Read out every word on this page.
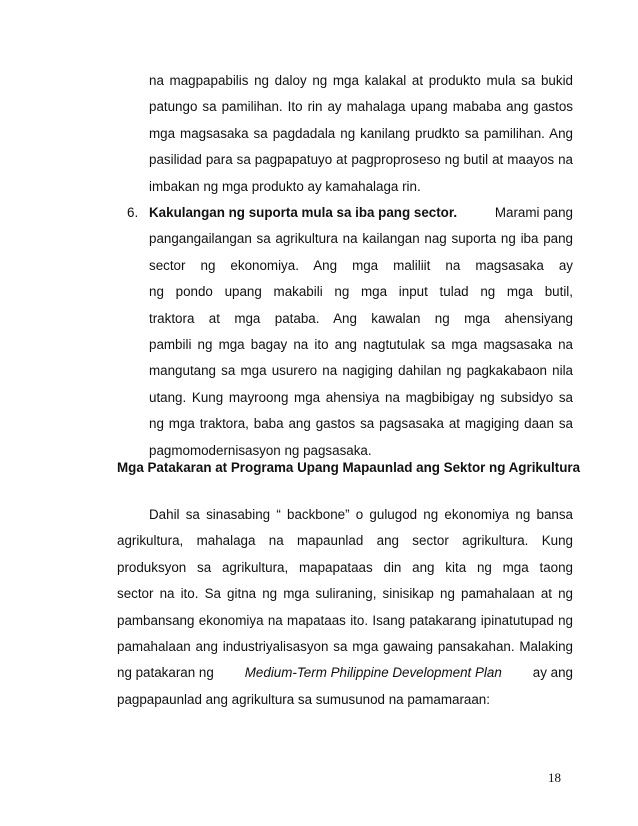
na magpapabilis ng daloy ng mga kalakal at produkto mula sa bukid
patungo sa pamilihan. Ito rin ay mahalaga upang mababa ang gastos
mga magsasaka sa pagdadala ng kanilang prudkto sa pamilihan. Ang
pasilidad para sa pagpapatuyo at pagproproseso ng butil at maayos na
imbakan ng mga produkto ay kamahalaga rin.
6. Kakulangan ng suporta mula sa iba pang sector.	Marami pang
pangangailangan sa agrikultura na kailangan nag suporta ng iba pang
sector ng ekonomiya. Ang mga maliliit na magsasaka ay
ng pondo upang makabili ng mga input tulad ng mga butil,
traktora at mga pataba. Ang kawalan ng mga ahensiyang
pambili ng mga bagay na ito ang nagtutulak sa mga magsasaka na
mangutang sa mga usurero na nagiging dahilan ng pagkakabaon nila
utang. Kung mayroong mga ahensiya na magbibigay ng subsidyo sa
ng mga traktora, baba ang gastos sa pagsasaka at magiging daan sa
pagmomodernisasyon ng pagsasaka.

Mga Patakaran at Programa Upang Mapaunlad ang Sektor ng Agrikultura

Dahil sa sinasabing “ backbone” o gulugod ng ekonomiya ng bansa
agrikultura, mahalaga na mapaunlad ang sector agrikultura. Kung
produksyon sa agrikultura, mapapataas din ang kita ng mga taong
sector na ito. Sa gitna ng mga suliraning, sinisikap ng pamahalaan at ng
pambansang ekonomiya na mapataas ito. Isang patakarang ipinatutupad ng
pamahalaan ang industriyalisasyon sa mga gawaing pansakahan. Malaking
ng patakaran ng Medium-Term Philippine Development Plan ay ang
pagpapaunlad ang agrikultura sa sumusunod na pamamaraan:
18
